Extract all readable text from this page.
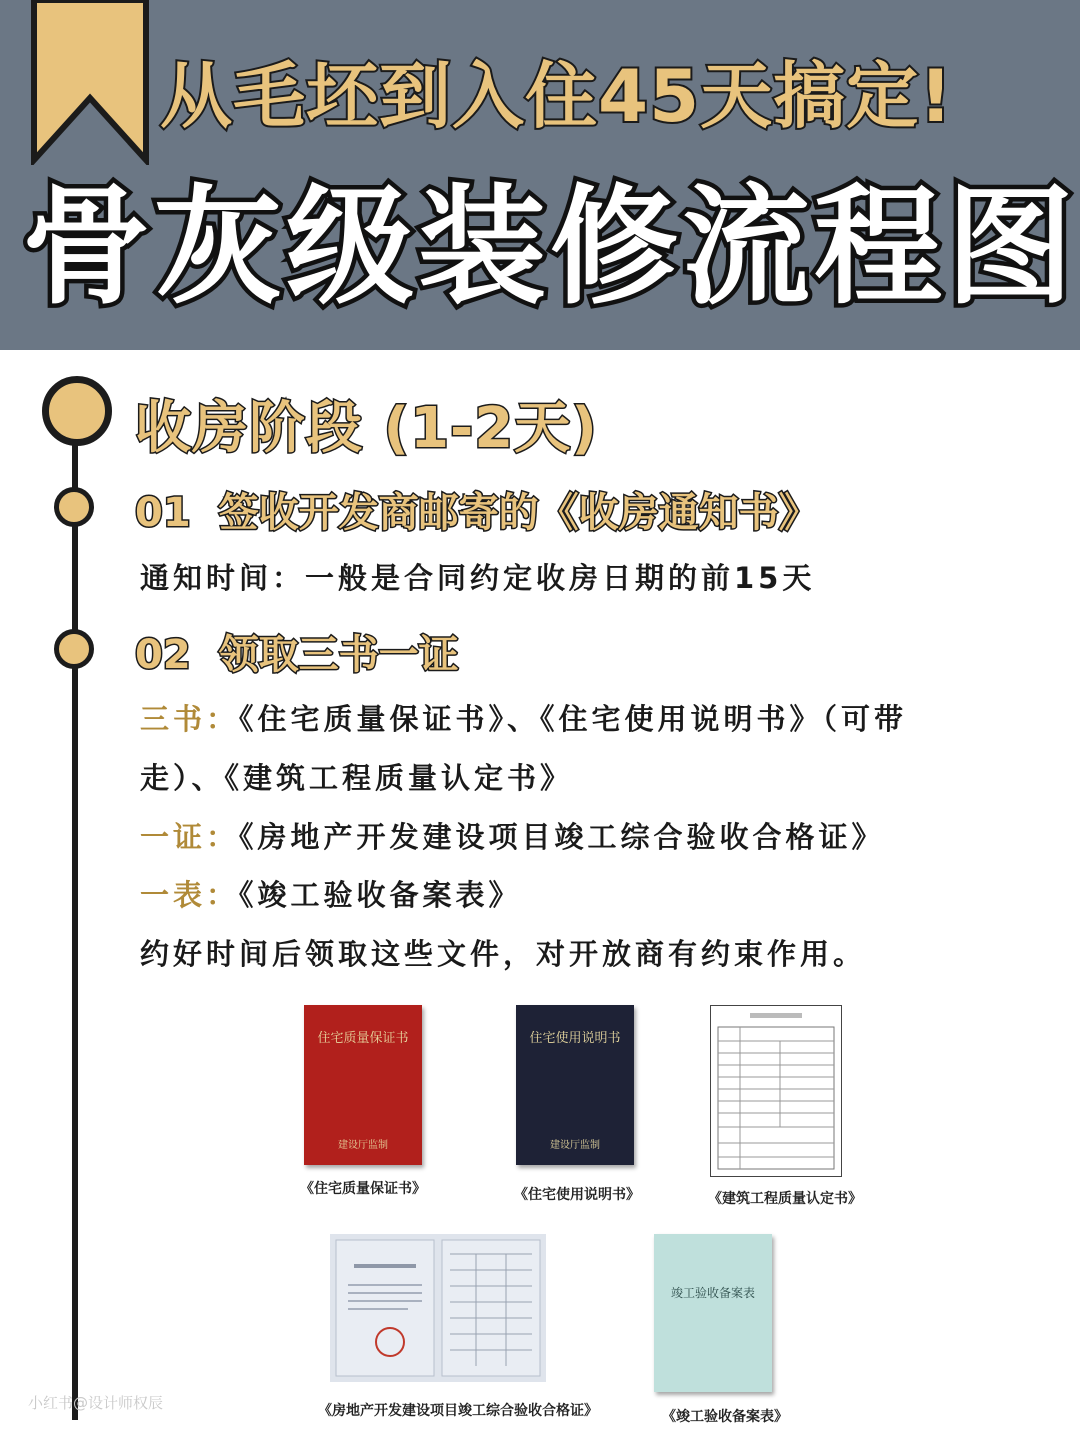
从毛坯到入住45天搞定!
骨灰级装修流程图
收房阶段 (1-2天)
01 签收开发商邮寄的《收房通知书》
通知时间：一般是合同约定收房日期的前15天
02 领取三书一证
三书：《住宅质量保证书》、《住宅使用说明书》（可带
走）、《建筑工程质量认定书》
一证：《房地产开发建设项目竣工综合验收合格证》
一表：《竣工验收备案表》
约好时间后领取这些文件，对开放商有约束作用。
住宅质量保证书
建设厅监制
《住宅质量保证书》
住宅使用说明书
建设厅监制
《住宅使用说明书》	《建筑工程质量认定书》
《房地产开发建设项目竣工综合验收合格证》
竣工验收备案表
《竣工验收备案表》
小红书@设计师权辰
